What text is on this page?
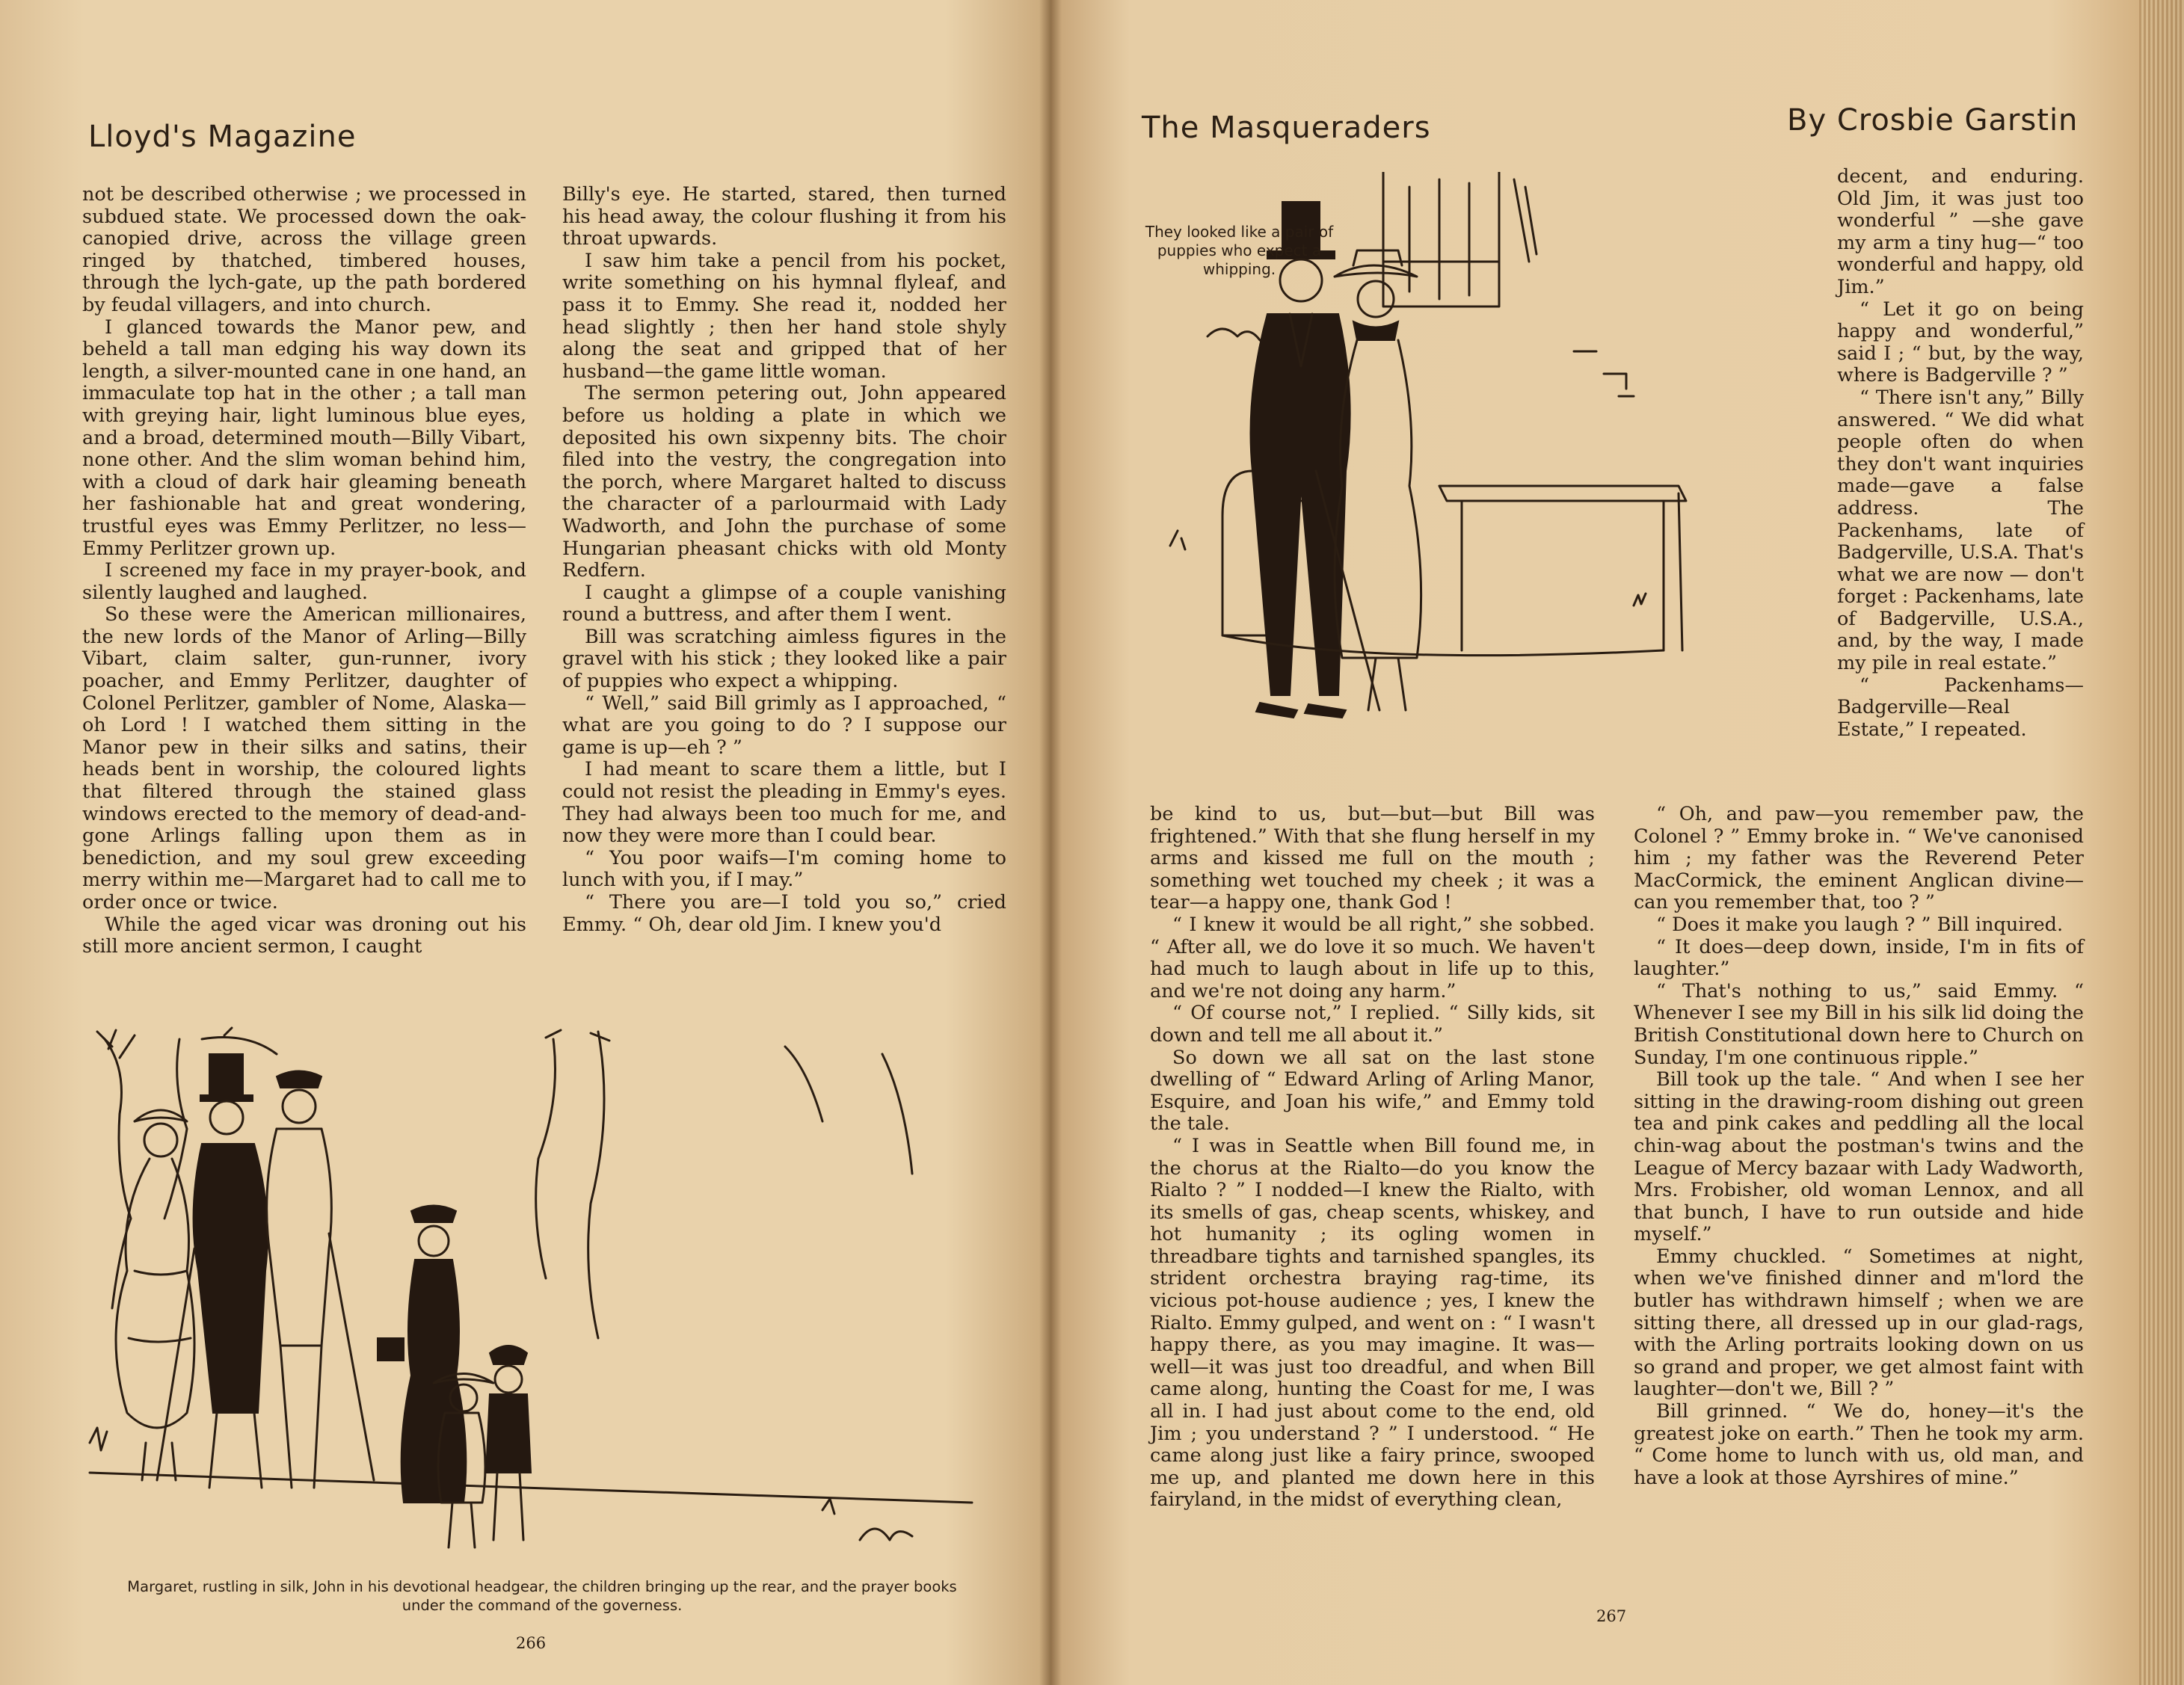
Lloyd's Magazine

not be described otherwise ; we processed in subdued state. We processed down the oak-canopied drive, across the village green ringed by thatched, timbered houses, through the lych-gate, up the path bordered by feudal villagers, and into church.

I glanced towards the Manor pew, and beheld a tall man edging his way down its length, a silver-mounted cane in one hand, an immaculate top hat in the other ; a tall man with greying hair, light luminous blue eyes, and a broad, determined mouth—Billy Vibart, none other. And the slim woman behind him, with a cloud of dark hair gleaming beneath her fashionable hat and great wondering, trustful eyes was Emmy Perlitzer, no less—Emmy Perlitzer grown up.

I screened my face in my prayer-book, and silently laughed and laughed.

So these were the American millionaires, the new lords of the Manor of Arling—Billy Vibart, claim salter, gun-runner, ivory poacher, and Emmy Perlitzer, daughter of Colonel Perlitzer, gambler of Nome, Alaska—oh Lord ! I watched them sitting in the Manor pew in their silks and satins, their heads bent in worship, the coloured lights that filtered through the stained glass windows erected to the memory of dead-and-gone Arlings falling upon them as in benediction, and my soul grew exceeding merry within me—Margaret had to call me to order once or twice.

While the aged vicar was droning out his still more ancient sermon, I caught

Billy's eye. He started, stared, then turned his head away, the colour flushing it from his throat upwards.

I saw him take a pencil from his pocket, write something on his hymnal flyleaf, and pass it to Emmy. She read it, nodded her head slightly ; then her hand stole shyly along the seat and gripped that of her husband—the game little woman.

The sermon petering out, John appeared before us holding a plate in which we deposited his own sixpenny bits. The choir filed into the vestry, the congregation into the porch, where Margaret halted to discuss the character of a parlourmaid with Lady Wadworth, and John the purchase of some Hungarian pheasant chicks with old Monty Redfern.

I caught a glimpse of a couple vanishing round a buttress, and after them I went.

Bill was scratching aimless figures in the gravel with his stick ; they looked like a pair of puppies who expect a whipping.

“ Well,” said Bill grimly as I approached, “ what are you going to do ? I suppose our game is up—eh ? ”

I had meant to scare them a little, but I could not resist the pleading in Emmy's eyes. They had always been too much for me, and now they were more than I could bear.

“ You poor waifs—I'm coming home to lunch with you, if I may.”

“ There you are—I told you so,” cried Emmy. “ Oh, dear old Jim. I knew you'd

Margaret, rustling in silk, John in his devotional headgear, the children bringing up the rear, and the prayer books under the command of the governess.
266
The Masqueraders	By Crosbie Garstin
They looked like a pair of puppies who expect a whipping.

decent, and enduring. Old Jim, it was just too wonderful ” —she gave my arm a tiny hug—“ too wonderful and happy, old Jim.”

“ Let it go on being happy and wonderful,” said I ; “ but, by the way, where is Badgerville ? ”

“ There isn't any,” Billy answered. “ We did what people often do when they don't want inquiries made—gave a false address. The Packenhams, late of Badgerville, U.S.A. That's what we are now — don't forget : Packenhams, late of Badgerville, U.S.A., and, by the way, I made my pile in real estate.”

“ Packenhams—Badgerville—Real Estate,” I repeated.

be kind to us, but—but—but Bill was frightened.” With that she flung herself in my arms and kissed me full on the mouth ; something wet touched my cheek ; it was a tear—a happy one, thank God !

“ I knew it would be all right,” she sobbed. “ After all, we do love it so much. We haven't had much to laugh about in life up to this, and we're not doing any harm.”

“ Of course not,” I replied. “ Silly kids, sit down and tell me all about it.”

So down we all sat on the last stone dwelling of “ Edward Arling of Arling Manor, Esquire, and Joan his wife,” and Emmy told the tale.

“ I was in Seattle when Bill found me, in the chorus at the Rialto—do you know the Rialto ? ” I nodded—I knew the Rialto, with its smells of gas, cheap scents, whiskey, and hot humanity ; its ogling women in threadbare tights and tarnished spangles, its strident orchestra braying rag-time, its vicious pot-house audience ; yes, I knew the Rialto. Emmy gulped, and went on : “ I wasn't happy there, as you may imagine. It was—well—it was just too dreadful, and when Bill came along, hunting the Coast for me, I was all in. I had just about come to the end, old Jim ; you understand ? ” I understood. “ He came along just like a fairy prince, swooped me up, and planted me down here in this fairyland, in the midst of everything clean,

“ Oh, and paw—you remember paw, the Colonel ? ” Emmy broke in. “ We've canonised him ; my father was the Reverend Peter MacCormick, the eminent Anglican divine—can you remember that, too ? ”

“ Does it make you laugh ? ” Bill inquired.

“ It does—deep down, inside, I'm in fits of laughter.”

“ That's nothing to us,” said Emmy. “ Whenever I see my Bill in his silk lid doing the British Constitutional down here to Church on Sunday, I'm one continuous ripple.”

Bill took up the tale. “ And when I see her sitting in the drawing-room dishing out green tea and pink cakes and peddling all the local chin-wag about the postman's twins and the League of Mercy bazaar with Lady Wadworth, Mrs. Frobisher, old woman Lennox, and all that bunch, I have to run outside and hide myself.”

Emmy chuckled. “ Sometimes at night, when we've finished dinner and m'lord the butler has withdrawn himself ; when we are sitting there, all dressed up in our glad-rags, with the Arling portraits looking down on us so grand and proper, we get almost faint with laughter—don't we, Bill ? ”

Bill grinned. “ We do, honey—it's the greatest joke on earth.” Then he took my arm. “ Come home to lunch with us, old man, and have a look at those Ayrshires of mine.”

267
